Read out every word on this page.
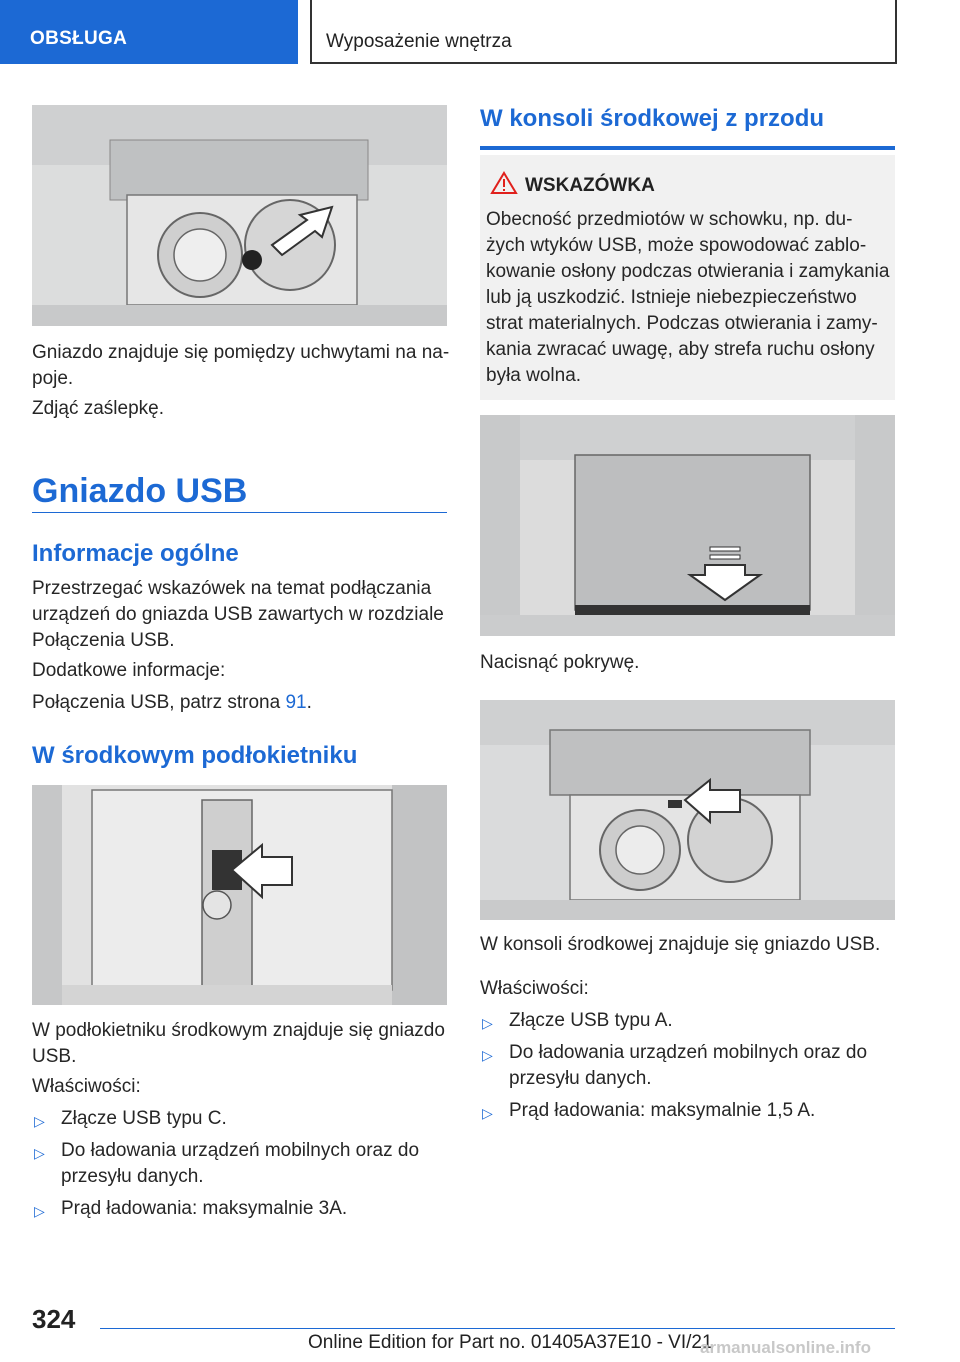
OBSŁUGA	Wyposażenie wnętrza
Gniazdo znajduje się pomiędzy uchwytami na na-
poje.
Zdjąć zaślepkę.
Gniazdo USB
Informacje ogólne
Przestrzegać wskazówek na temat podłączania
urządzeń do gniazda USB zawartych w rozdziale
Połączenia USB.
Dodatkowe informacje:
Połączenia USB, patrz strona 91.
W środkowym podłokietniku
W podłokietniku środkowym znajduje się gniazdo
USB.
Właściwości:
▷ Złącze USB typu C.
▷ Do ładowania urządzeń mobilnych oraz do
przesyłu danych.
▷ Prąd ładowania: maksymalnie 3A.
W konsoli środkowej z przodu
WSKAZÓWKA
Obecność przedmiotów w schowku, np. du-
żych wtyków USB, może spowodować zablo-
kowanie osłony podczas otwierania i zamykania
lub ją uszkodzić. Istnieje niebezpieczeństwo
strat materialnych. Podczas otwierania i zamy-
kania zwracać uwagę, aby strefa ruchu osłony
była wolna.
Nacisnąć pokrywę.
W konsoli środkowej znajduje się gniazdo USB.
Właściwości:
▷ Złącze USB typu A.
▷ Do ładowania urządzeń mobilnych oraz do
przesyłu danych.
▷ Prąd ładowania: maksymalnie 1,5 A.
324
Online Edition for Part no. 01405A37E10 - VI/21
armanualsonline.info
